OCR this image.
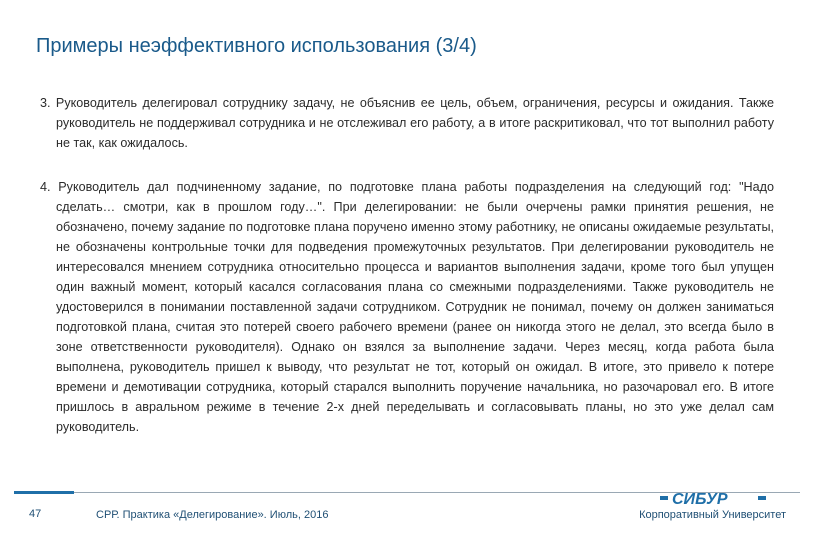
Примеры неэффективного использования (3/4)
3. Руководитель делегировал сотруднику задачу, не объяснив ее цель, объем, ограничения, ресурсы и ожидания. Также руководитель не поддерживал сотрудника и не отслеживал его работу, а в итоге раскритиковал, что тот выполнил работу не так, как ожидалось.
4. Руководитель дал подчиненному задание, по подготовке плана работы подразделения на следующий год: "Надо сделать… смотри, как в прошлом году…". При делегировании: не были очерчены рамки принятия решения, не обозначено, почему задание по подготовке плана поручено именно этому работнику, не описаны ожидаемые результаты, не обозначены контрольные точки для подведения промежуточных результатов. При делегировании руководитель не интересовался мнением сотрудника относительно процесса и вариантов выполнения задачи, кроме того был упущен один важный момент, который касался согласования плана со смежными подразделениями. Также руководитель не удостоверился в понимании поставленной задачи сотрудником. Сотрудник не понимал, почему он должен заниматься подготовкой плана, считая это потерей своего рабочего времени (ранее он никогда этого не делал, это всегда было в зоне ответственности руководителя). Однако он взялся за выполнение задачи. Через месяц, когда работа была выполнена, руководитель пришел к выводу, что результат не тот, который он ожидал. В итоге, это привело к потере времени и демотивации сотрудника, который старался выполнить поручение начальника, но разочаровал его. В итоге пришлось в авральном режиме в течение 2-х дней переделывать и согласовывать планы, но это уже делал сам руководитель.
47	СРР. Практика «Делегирование». Июль, 2016
СИБУР
Корпоративный Университет
